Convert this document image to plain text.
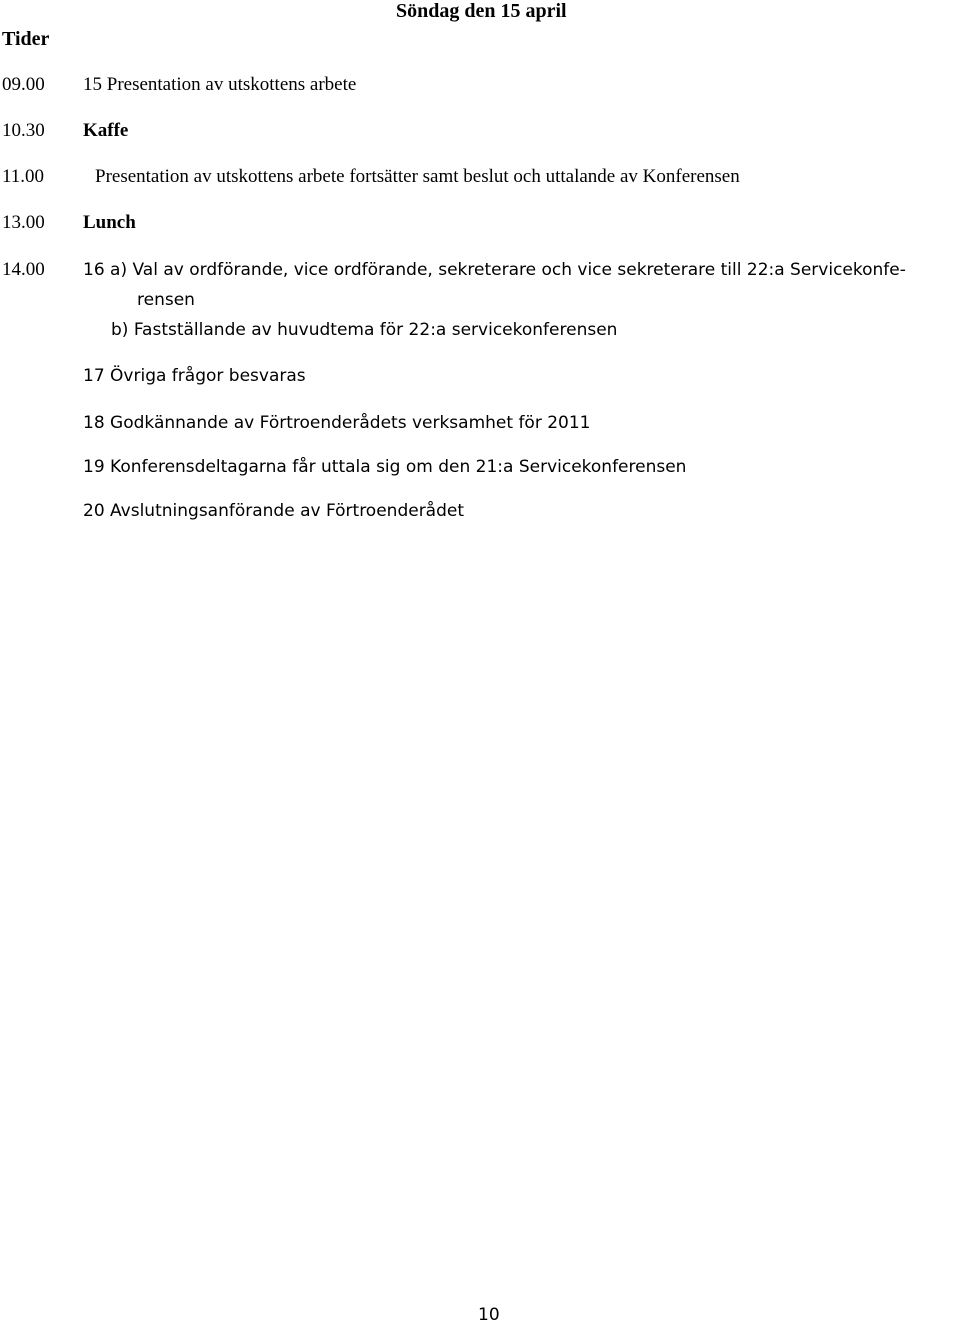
Söndag den 15 april
Tider
09.00 15 Presentation av utskottens arbete
10.30 Kaffe
11.00	Presentation av utskottens arbete fortsätter samt beslut och uttalande av Konferensen
13.00 Lunch
14.00 16 a) Val av ordförande, vice ordförande, sekreterare och vice sekreterare till 22:a Servicekonfe-
rensen
b) Fastställande av huvudtema för 22:a servicekonferensen
17 Övriga frågor besvaras
18 Godkännande av Förtroenderådets verksamhet för 2011
19 Konferensdeltagarna får uttala sig om den 21:a Servicekonferensen
20 Avslutningsanförande av Förtroenderådet
10
